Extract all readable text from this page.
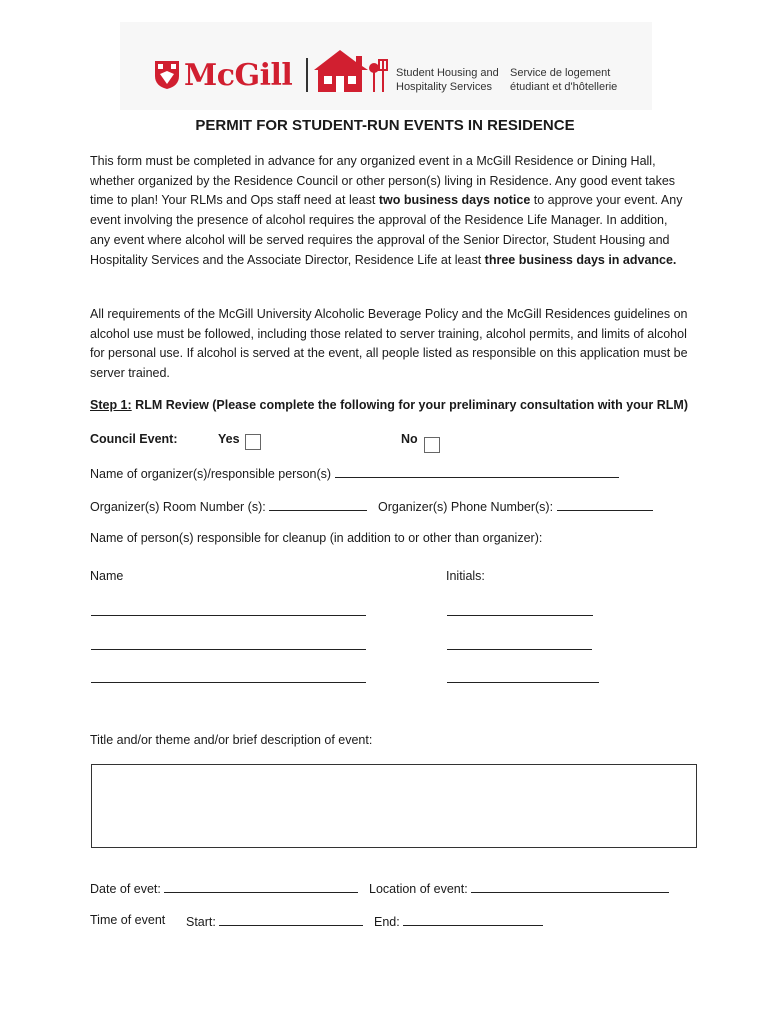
McGill	Student Housing and
Hospitality Services
Service de logement
étudiant et d'hôtellerie
PERMIT FOR STUDENT-RUN EVENTS IN RESIDENCE

This form must be completed in advance for any organized event in a McGill Residence or Dining Hall, whether organized by the Residence Council or other person(s) living in Residence. Any good event takes time to plan! Your RLMs and Ops staff need at least two business days notice to approve your event. Any event involving the presence of alcohol requires the approval of the Residence Life Manager. In addition, any event where alcohol will be served requires the approval of the Senior Director, Student Housing and Hospitality Services and the Associate Director, Residence Life at least three business days in advance.

All requirements of the McGill University Alcoholic Beverage Policy and the McGill Residences guidelines on alcohol use must be followed, including those related to server training, alcohol permits, and limits of alcohol for personal use. If alcohol is served at the event, all people listed as responsible on this application must be server trained.

Step 1: RLM Review (Please complete the following for your preliminary consultation with your RLM)
Council Event:	Yes	No
Name of organizer(s)/responsible person(s)
Organizer(s) Room Number (s):	Organizer(s) Phone Number(s):
Name of person(s) responsible for cleanup (in addition to or other than organizer):
Name	Initials:
Title and/or theme and/or brief description of event:
Date of evet:	Location of event:
Time of event Start:	End:
